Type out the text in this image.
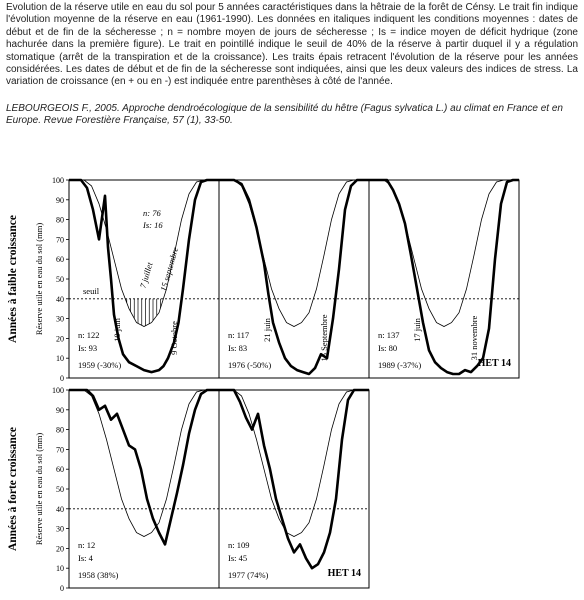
Evolution de la réserve utile en eau du sol pour 5 années caractéristiques dans la hêtraie de la forêt de Cénsy. Le trait fin indique l'évolution moyenne de la réserve en eau (1961-1990). Les données en italiques indiquent les conditions moyennes : dates de début et de fin de la sécheresse ; n = nombre moyen de jours de sécheresse ; Is = indice moyen de déficit hydrique (zone hachurée dans la première figure). Le trait en pointillé indique le seuil de 40% de la réserve à partir duquel il y a régulation stomatique (arrêt de la transpiration et de la croissance). Les traits épais retracent l'évolution de la réserve pour les années considérées. Les dates de début et de fin de la sécheresse sont indiquées, ainsi que les deux valeurs des indices de stress. La variation de croissance (en + ou en -) est indiquée entre parenthèses à côté de l'année.
LEBOURGEOIS F., 2005. Approche dendroécologique de la sensibilité du hêtre (Fagus sylvatica L.) au climat en France et en Europe. Revue Forestière Française, 57 (1), 33-50.
Années à faible croissance Réserve utile en eau du sol (mm)
0
10
20
30
40
50
60
70
80
90
100
seuil
n: 122
Is: 93
1959 (-30%)
10 juin	9 Octobre	n: 117
Is: 83
1976 (-50%)
21 juin	15 Septembre	n: 137
Is: 80
1989 (-37%)
17 juin	31 novembre
n: 76
Is: 16
7 juillet 15 septembre
HET 14
Années à forte croissance Réserve utile en eau du sol (mm)
0
10
20
30
40
50
60
70
80
90
100
n: 12
Is: 4
1958 (38%)
n: 109
Is: 45
1977 (74%)	HET 14
